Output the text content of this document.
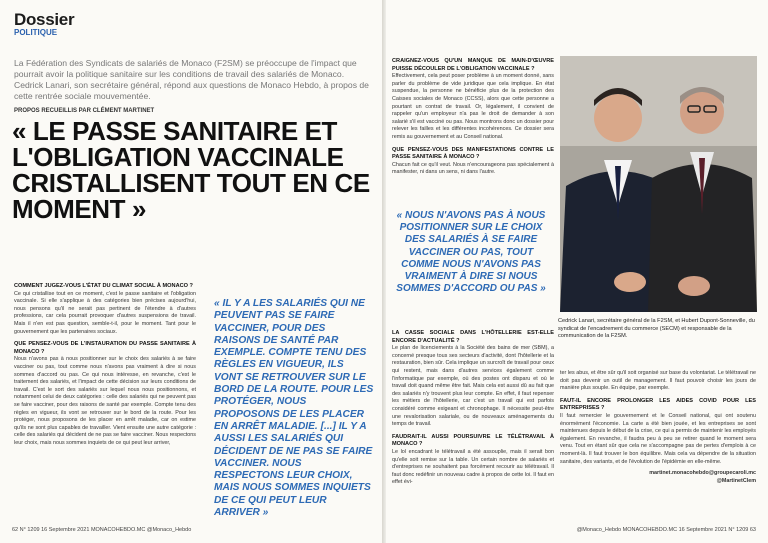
Dossier
POLITIQUE
La Fédération des Syndicats de salariés de Monaco (F2SM) se préoccupe de l'impact que pourrait avoir la politique sanitaire sur les conditions de travail des salariés de Monaco. Cedrick Lanari, son secrétaire général, répond aux questions de Monaco Hebdo, à propos de cette rentrée sociale mouvementée.
PROPOS RECUEILLIS PAR CLÉMENT MARTINET
« LE PASSE SANITAIRE ET L'OBLIGATION VACCINALE CRISTALLISENT TOUT EN CE MOMENT »
COMMENT JUGEZ-VOUS L'ÉTAT DU CLIMAT SOCIAL À MONACO ?
Ce qui cristallise tout en ce moment, c'est le passe sanitaire et l'obligation vaccinale. Si elle s'applique à des catégories bien précises aujourd'hui, nous pensons qu'il ne serait pas pertinent de l'étendre à d'autres professions, car cela pourrait provoquer d'autres suspensions de travail. Mais il n'en est pas question, semble-t-il, pour le moment. Tant pour le gouvernement que les partenaires sociaux.
QUE PENSEZ-VOUS DE L'INSTAURATION DU PASSE SANITAIRE À MONACO ?
Nous n'avons pas à nous positionner sur le choix des salariés à se faire vacciner ou pas, tout comme nous n'avons pas vraiment à dire si nous sommes d'accord ou pas. Ce qui nous intéresse, en revanche, c'est le traitement des salariés, et l'impact de cette décision sur leurs conditions de travail. C'est le sort des salariés sur lequel nous nous positionnons, et notamment celui de deux catégories : celle des salariés qui ne peuvent pas se faire vacciner, pour des raisons de santé par exemple. Compte tenu des règles en vigueur, ils vont se retrouver sur le bord de la route. Pour les protéger, nous proposons de les placer en arrêt maladie, car on estime qu'ils ne sont plus capables de travailler. Vient ensuite une autre catégorie : celle des salariés qui décident de ne pas se faire vacciner. Nous respectons leur choix, mais nous sommes inquiets de ce qui peut leur arriver,
« IL Y A LES SALARIÉS QUI NE PEUVENT PAS SE FAIRE VACCINER, POUR DES RAISONS DE SANTÉ PAR EXEMPLE. COMPTE TENU DES RÈGLES EN VIGUEUR, ILS VONT SE RETROUVER SUR LE BORD DE LA ROUTE. POUR LES PROTÉGER, NOUS PROPOSONS DE LES PLACER EN ARRÊT MALADIE. [...] IL Y A AUSSI LES SALARIÉS QUI DÉCIDENT DE NE PAS SE FAIRE VACCINER. NOUS RESPECTONS LEUR CHOIX, MAIS NOUS SOMMES INQUIETS DE CE QUI PEUT LEUR ARRIVER »
62 N° 1209 16 Septembre 2021 MONACOHEBDO.MC @Monaco_Hebdo
CRAIGNEZ-VOUS QU'UN MANQUE DE MAIN-D'ŒUVRE PUISSE DÉCOULER DE L'OBLIGATION VACCINALE ?
Effectivement, cela peut poser problème à un moment donné, sans parler du problème de vide juridique que cela implique. En état suspendue, la personne ne bénéficie plus de la protection des Caisses sociales de Monaco (CCSS), alors que cette personne a pourtant un contrat de travail. Or, légalement, il convient de rappeler qu'un employeur n'a pas le droit de demander à son salarié s'il est vacciné ou pas. Nous montrons donc un dossier pour relever les failles et les différentes incohérences. Ce dossier sera remis au gouvernement et au Conseil national.
QUE PENSEZ-VOUS DES MANIFESTATIONS CONTRE LE PASSE SANITAIRE À MONACO ?
Chacun fait ce qu'il veut. Nous n'encourageons pas spécialement à manifester, ni dans un sens, ni dans l'autre.
LA CASSE SOCIALE DANS L'HÔTELLERIE EST-ELLE ENCORE D'ACTUALITÉ ?
Le plan de licenciements à la Société des bains de mer (SBM), a concerné presque tous ses secteurs d'activité, dont l'hôtellerie et la restauration, bien sûr. Cela implique un surcroît de travail pour ceux qui restent, mais dans d'autres services également comme l'informatique par exemple, où des postes ont disparu et où le travail doit quand même être fait. Mais cela est aussi dû au fait que des salariés n'y trouvent plus leur compte. En effet, il faut repenser les métiers de l'hôtellerie, car c'est un travail qui est parfois considéré comme exigeant et chronophage. Il nécessite peut-être une revalorisation salariale, ou de nouveaux aménagements du temps de travail.
FAUDRAIT-IL AUSSI POURSUIVRE LE TÉLÉTRAVAIL À MONACO ?
Le lol encadrant le télétravail a été assouplie, mais il serait bon qu'elle soit remise sur la table. Un certain nombre de salariés et d'entreprises ne souhaitent pas forcément recourir au télétravail. Il faut donc redéfinir un nouveau cadre à propos de cette loi. Il faut en effet évi-
ter les abus, et être sûr qu'il soit organisé sur base du volontariat. Le télétravail ne doit pas devenir un outil de management. Il faut pouvoir choisir les jours de manière plus souple. En équipe, par exemple.
FAUT-IL ENCORE PROLONGER LES AIDES COVID POUR LES ENTREPRISES ?
Il faut remercier le gouvernement et le Conseil national, qui ont soutenu énormément l'économie. La carte a été bien jouée, et les entreprises se sont maintenues depuis le début de la crise, ce qui a permis de maintenir les employés également. En revanche, il faudra peu à peu se retirer quand le moment sera venu. Tout en étant sûr que cela ne s'accompagne pas de pertes d'emplois à ce moment-là. Il faut trouver le bon équilibre. Mais cela va dépendre de la situation sanitaire, des variants, et de l'évolution de l'épidémie en elle-même.
martinet.monacohebdo@groupecaroli.mc
@MartinetClem
@Monaco_Hebdo MONACOHEBDO.MC 16 Septembre 2021 N° 1209 63
« NOUS N'AVONS PAS À NOUS POSITIONNER SUR LE CHOIX DES SALARIÉS À SE FAIRE VACCINER OU PAS, TOUT COMME NOUS N'AVONS PAS VRAIMENT À DIRE SI NOUS SOMMES D'ACCORD OU PAS »
Cedrick Lanari, secrétaire général de la F2SM, et Hubert Dupont-Sonneville, du syndicat de l'encadrement du commerce (SECM) et responsable de la communication de la F2SM.
